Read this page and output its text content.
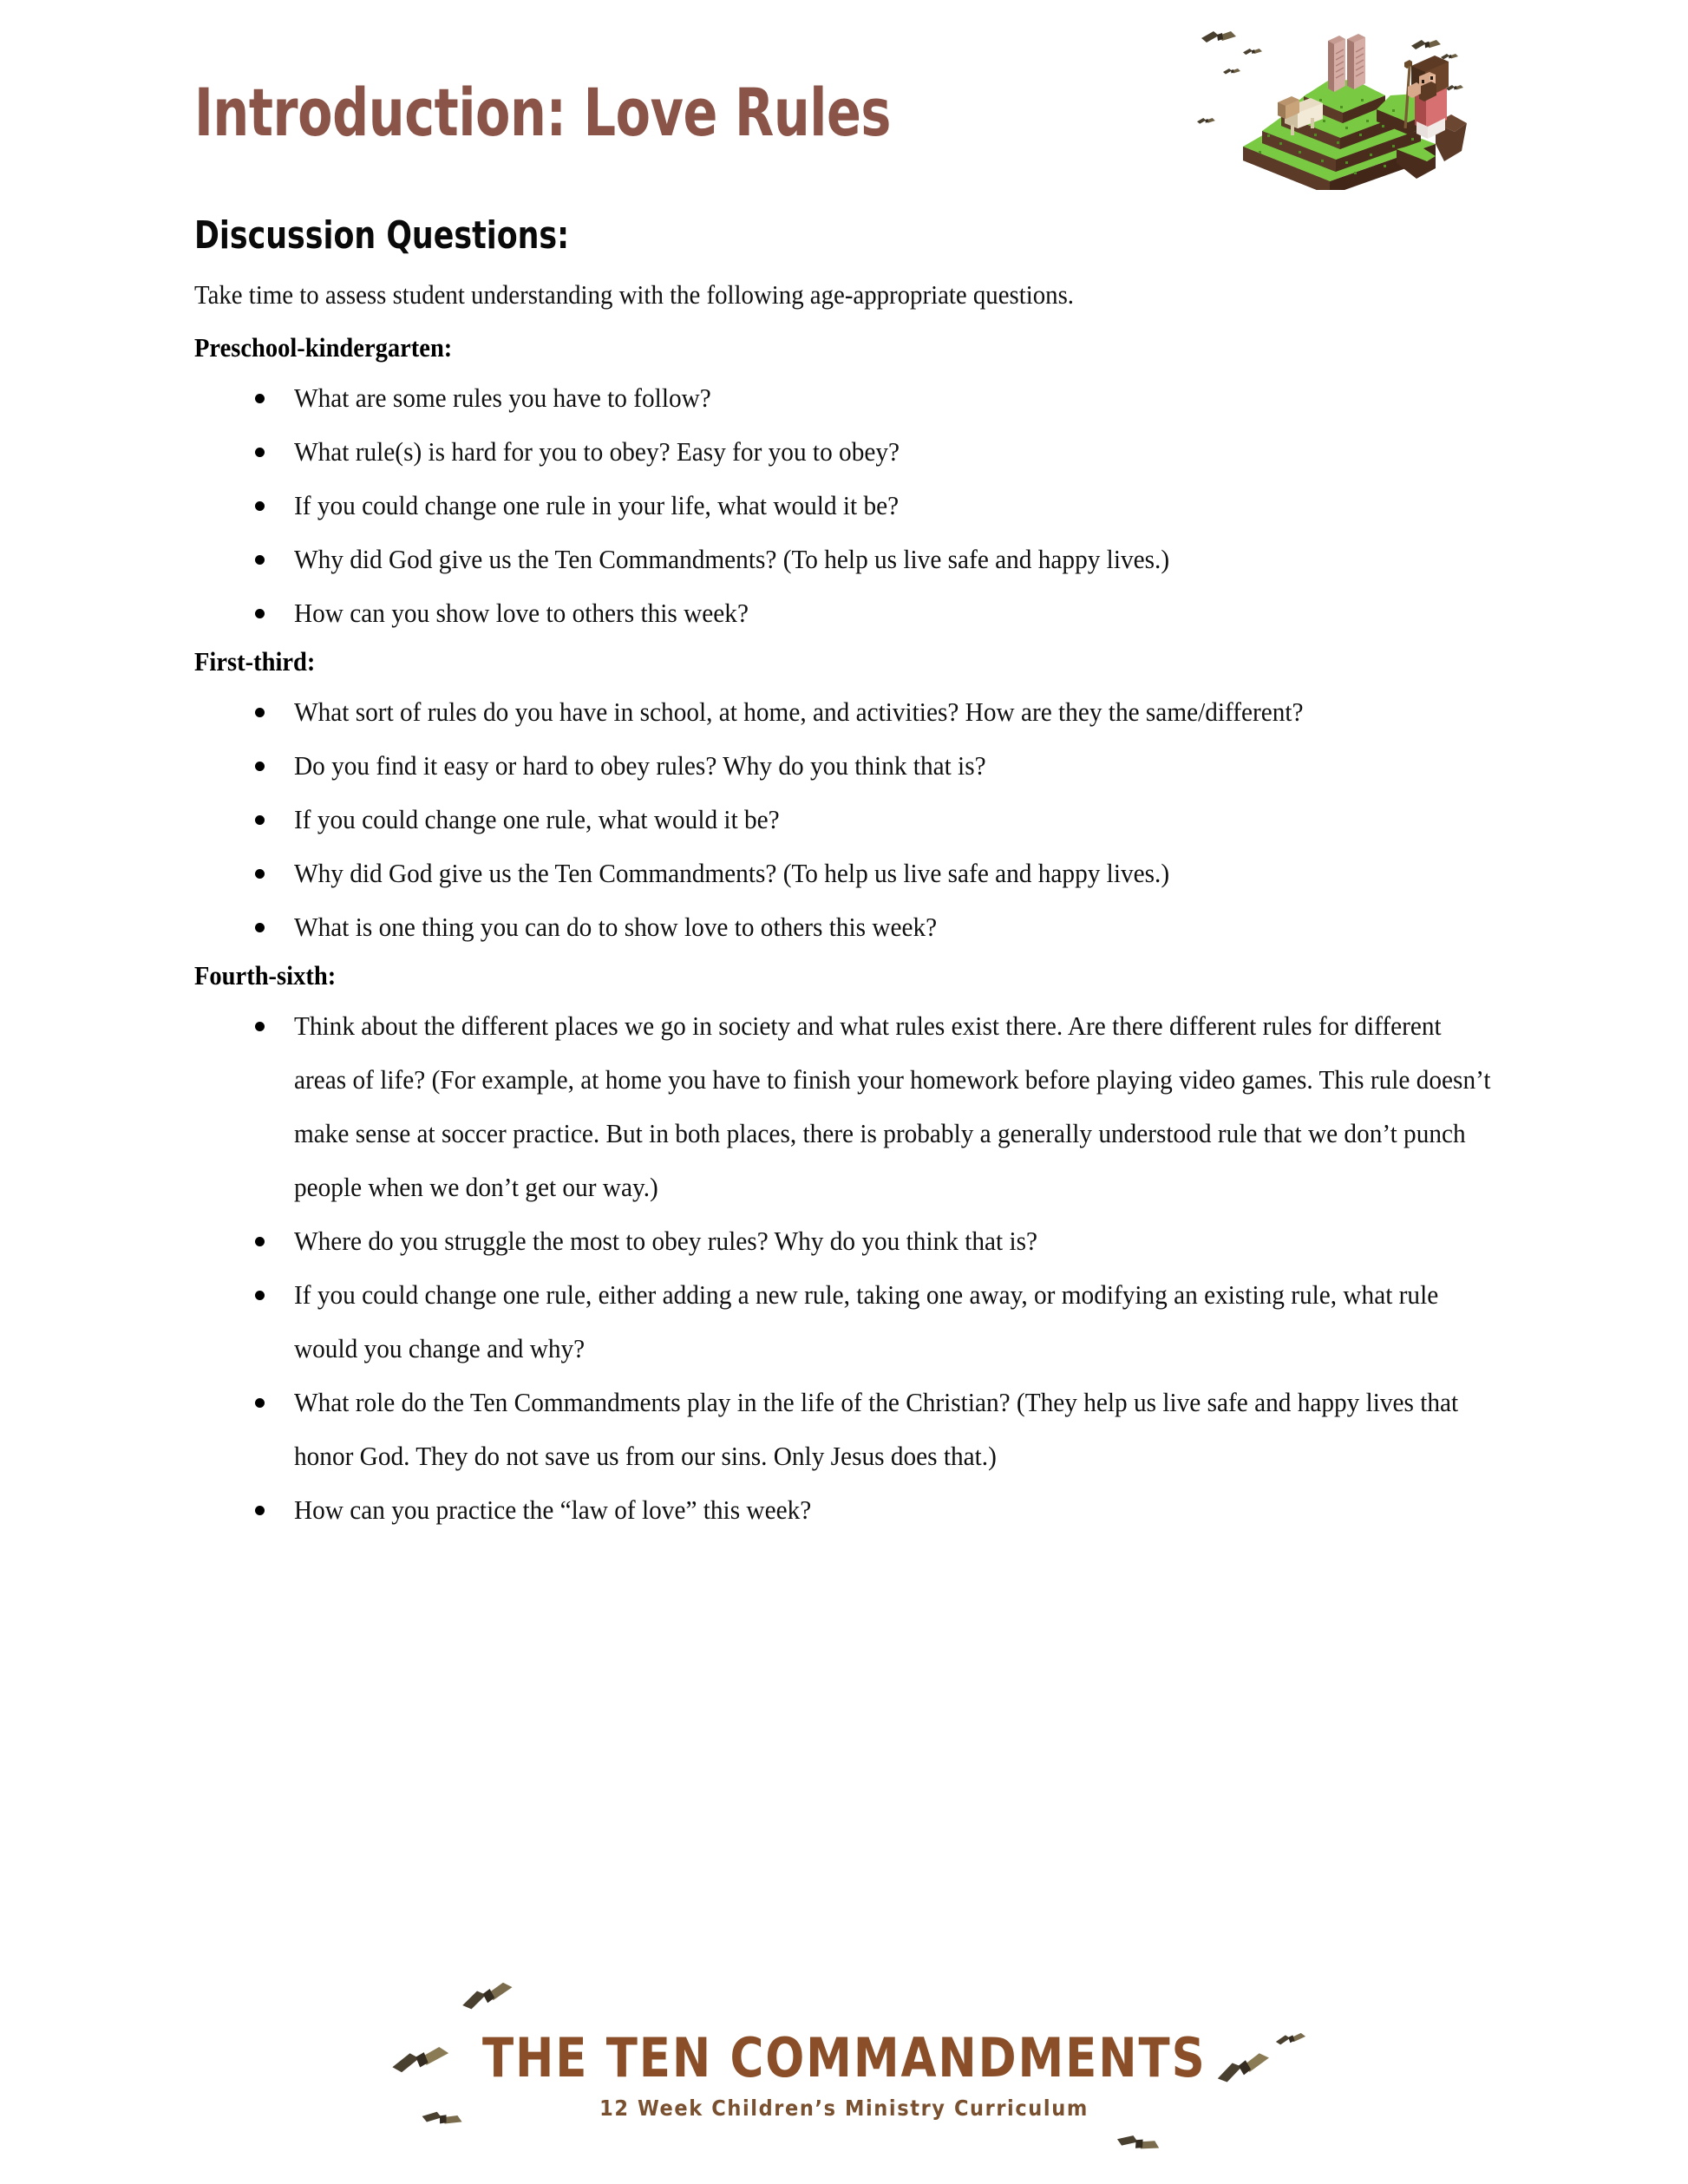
Introduction: Love Rules
Discussion Questions:
Take time to assess student understanding with the following age-appropriate questions.
Preschool-kindergarten:
What are some rules you have to follow?
What rule(s) is hard for you to obey? Easy for you to obey?
If you could change one rule in your life, what would it be?
Why did God give us the Ten Commandments? (To help us live safe and happy lives.)
How can you show love to others this week?
First-third:
What sort of rules do you have in school, at home, and activities? How are they the same/different?
Do you find it easy or hard to obey rules? Why do you think that is?
If you could change one rule, what would it be?
Why did God give us the Ten Commandments? (To help us live safe and happy lives.)
What is one thing you can do to show love to others this week?
Fourth-sixth:
Think about the different places we go in society and what rules exist there. Are there different rules for different areas of life? (For example, at home you have to finish your homework before playing video games. This rule doesn’t make sense at soccer practice. But in both places, there is probably a generally understood rule that we don’t punch people when we don’t get our way.)
Where do you struggle the most to obey rules? Why do you think that is?
If you could change one rule, either adding a new rule, taking one away, or modifying an existing rule, what rule would you change and why?
What role do the Ten Commandments play in the life of the Christian? (They help us live safe and happy lives that honor God. They do not save us from our sins. Only Jesus does that.)
How can you practice the “law of love” this week?
THE TEN COMMANDMENTS
12 Week Children’s Ministry Curriculum
